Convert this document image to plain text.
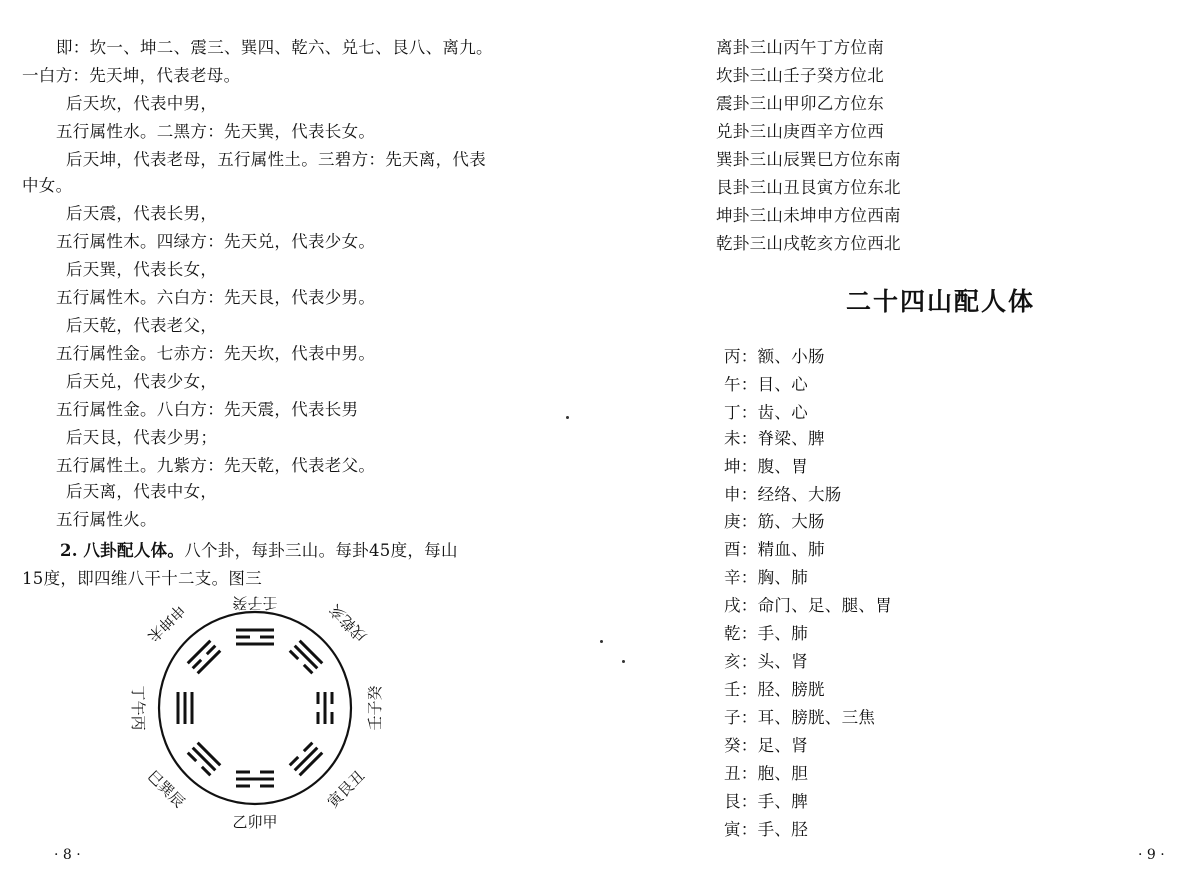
即：坎一、坤二、震三、巽四、乾六、兑七、艮八、离九。
一白方：先天坤，代表老母。
后天坎，代表中男，
五行属性水。二黑方：先天巽，代表长女。
后天坤，代表老母，五行属性土。三碧方：先天离，代表
中女。
后天震，代表长男，
五行属性木。四绿方：先天兑，代表少女。
后天巽，代表长女，
五行属性木。六白方：先天艮，代表少男。
后天乾，代表老父，
五行属性金。七赤方：先天坎，代表中男。
后天兑，代表少女，
五行属性金。八白方：先天震，代表长男
后天艮，代表少男；
五行属性土。九紫方：先天乾，代表老父。
后天离，代表中女，
五行属性火。
2. 八卦配人体。八个卦，每卦三山。每卦45度，每山
15度，即四维八干十二支。图三
壬子癸	戌乾亥
壬子癸
寅艮丑
乙卯甲
巳巽辰
丁午丙
申坤未
· 8 ·
离卦三山丙午丁方位南
坎卦三山壬子癸方位北
震卦三山甲卯乙方位东
兑卦三山庚酉辛方位西
巽卦三山辰巽巳方位东南
艮卦三山丑艮寅方位东北
坤卦三山未坤申方位西南
乾卦三山戌乾亥方位西北
二十四山配人体
丙：额、小肠
午：目、心
丁：齿、心
未：脊梁、脾
坤：腹、胃
申：经络、大肠
庚：筋、大肠
酉：精血、肺
辛：胸、肺
戌：命门、足、腿、胃
乾：手、肺
亥：头、肾
壬：胫、膀胱
子：耳、膀胱、三焦
癸：足、肾
丑：胞、胆
艮：手、脾
寅：手、胫
· 9 ·
